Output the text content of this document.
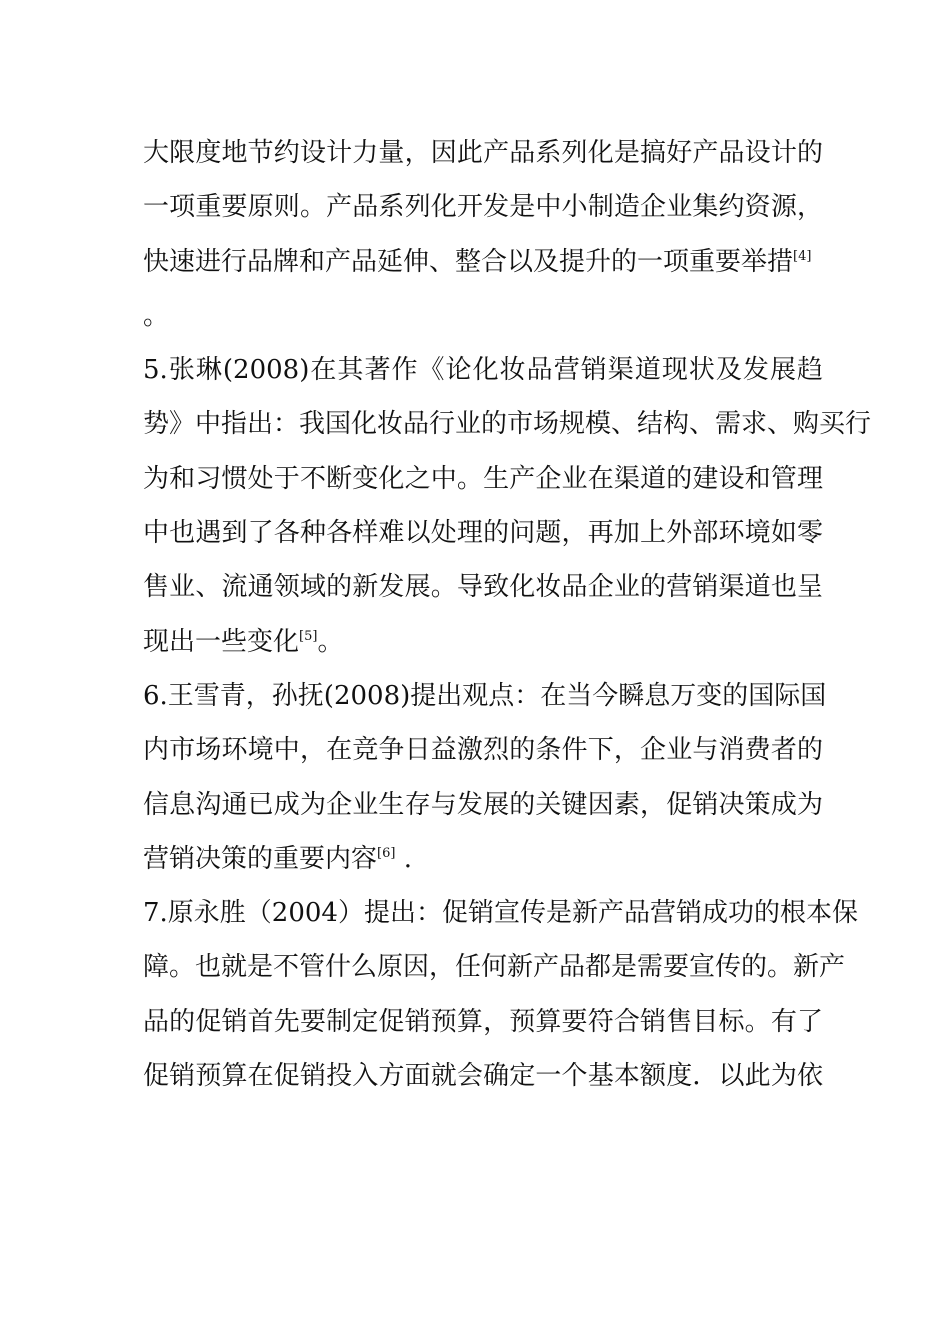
大限度地节约设计力量，因此产品系列化是搞好产品设计的
一项重要原则。产品系列化开发是中小制造企业集约资源，
快速进行品牌和产品延伸、整合以及提升的一项重要举措[4]
。
5.张琳(2008)在其著作《论化妆品营销渠道现状及发展趋
势》中指出：我国化妆品行业的市场规模、结构、需求、购买行
为和习惯处于不断变化之中。生产企业在渠道的建设和管理
中也遇到了各种各样难以处理的问题，再加上外部环境如零
售业、流通领域的新发展。导致化妆品企业的营销渠道也呈
现出一些变化[5]。
6.王雪青，孙抚(2008)提出观点：在当今瞬息万变的国际国
内市场环境中，在竞争日益激烈的条件下，企业与消费者的
信息沟通已成为企业生存与发展的关键因素，促销决策成为
营销决策的重要内容[6] .
7.原永胜（2004）提出：促销宣传是新产品营销成功的根本保
障。也就是不管什么原因，任何新产品都是需要宣传的。新产
品的促销首先要制定促销预算，预算要符合销售目标。有了
促销预算在促销投入方面就会确定一个基本额度．以此为依
